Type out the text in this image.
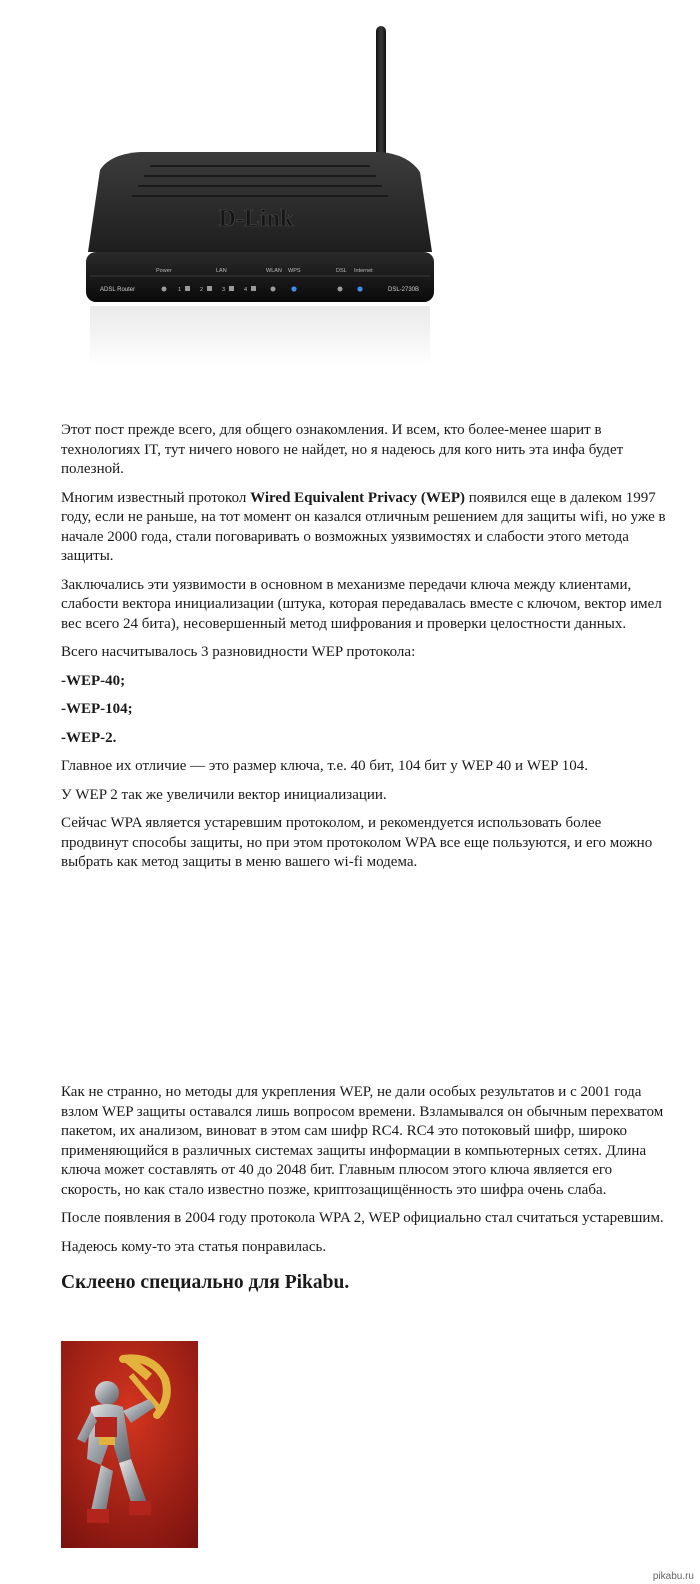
D-Link
Power	LAN	WLAN WPS	DSL Internet
ADSL Router	DSL-2730B
1	2	3	4

Этот пост прежде всего, для общего ознакомления. И всем, кто более-менее шарит в технологиях IT, тут ничего нового не найдет, но я надеюсь для кого нить эта инфа будет полезной.

Многим известный протокол Wired Equivalent Privacy (WEP) появился еще в далеком 1997 году, если не раньше, на тот момент он казался отличным решением для защиты wifi, но уже в начале 2000 года, стали поговаривать о возможных уязвимостях и слабости этого метода защиты.

Заключались эти уязвимости в основном в механизме передачи ключа между клиентами, слабости вектора инициализации (штука, которая передавалась вместе с ключом, вектор имел вес всего 24 бита), несовершенный метод шифрования и проверки целостности данных.

Всего насчитывалось 3 разновидности WEP протокола:

-WEP-40;

-WEP-104;

-WEP-2.

Главное их отличие — это размер ключа, т.е. 40 бит, 104 бит у WEP 40 и WEP 104.

У WEP 2 так же увеличили вектор инициализации.

Сейчас WPA является устаревшим протоколом, и рекомендуется использовать более продвинут способы защиты, но при этом протоколом WPA все еще пользуются, и его можно выбрать как метод защиты в меню вашего wi-fi модема.

Как не странно, но методы для укрепления WEP, не дали особых результатов и с 2001 года взлом WEP защиты оставался лишь вопросом времени. Взламывался он обычным перехватом пакетом, их анализом, виноват в этом сам шифр RC4. RC4 это потоковый шифр, широко применяющийся в различных системах защиты информации в компьютерных сетях. Длина ключа может составлять от 40 до 2048 бит. Главным плюсом этого ключа является его скорость, но как стало известно позже, криптозащищённость это шифра очень слаба.

После появления в 2004 году протокола WPA 2, WEP официально стал считаться устаревшим.

Надеюсь кому-то эта статья понравилась.

Склеено специально для Pikabu.
pikabu.ru
